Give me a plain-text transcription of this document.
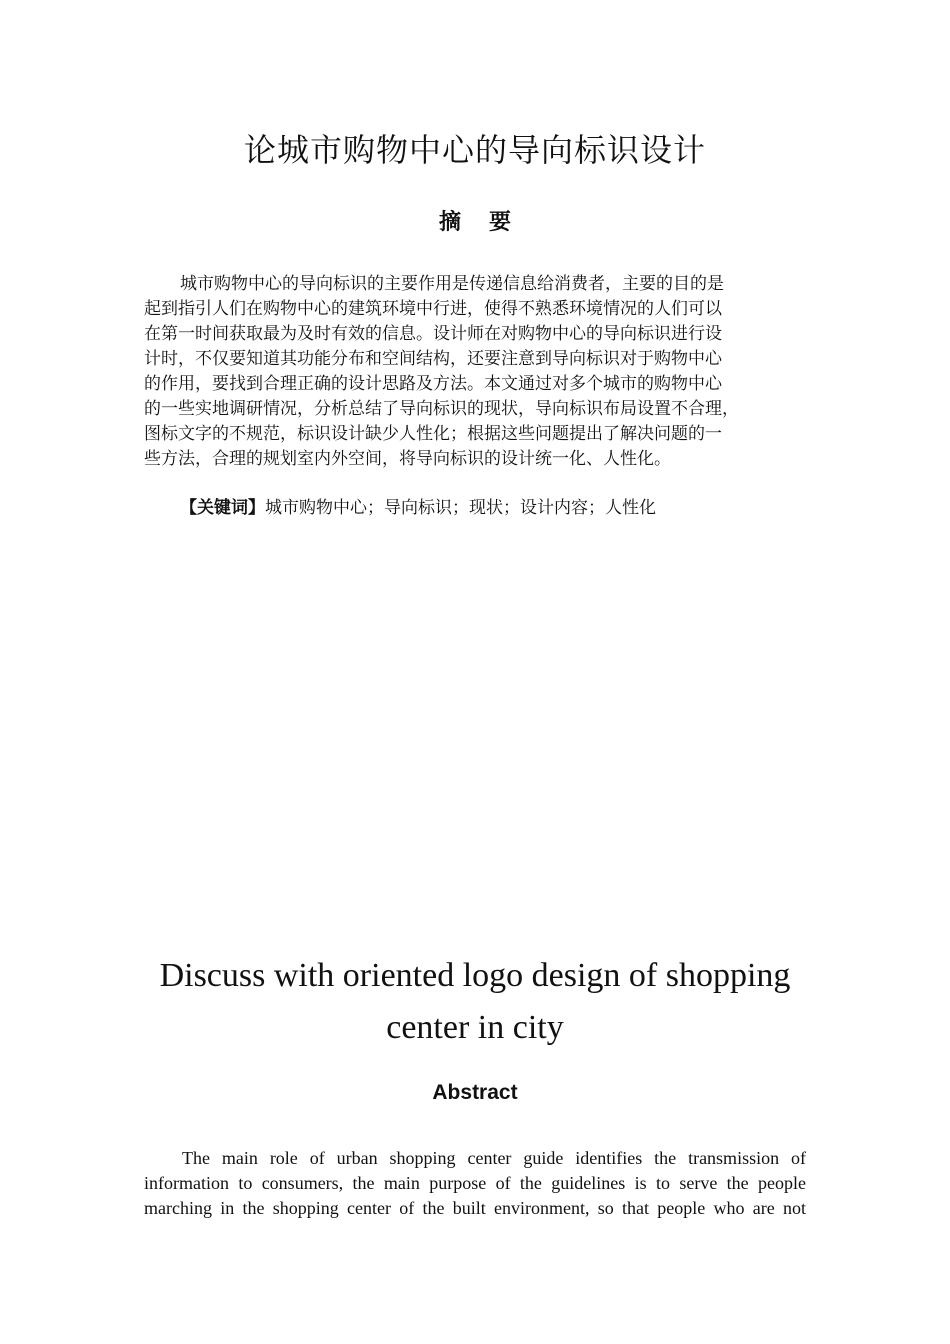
论城市购物中心的导向标识设计
摘要
城市购物中心的导向标识的主要作用是传递信息给消费者，主要的目的是
起到指引人们在购物中心的建筑环境中行进，使得不熟悉环境情况的人们可以
在第一时间获取最为及时有效的信息。设计师在对购物中心的导向标识进行设
计时，不仅要知道其功能分布和空间结构，还要注意到导向标识对于购物中心
的作用，要找到合理正确的设计思路及方法。本文通过对多个城市的购物中心
的一些实地调研情况，分析总结了导向标识的现状，导向标识布局设置不合理，
图标文字的不规范，标识设计缺少人性化；根据这些问题提出了解决问题的一
些方法，合理的规划室内外空间，将导向标识的设计统一化、人性化。
【关键词】城市购物中心；导向标识；现状；设计内容；人性化
Discuss with oriented logo design of shopping
center in city
Abstract
The main role of urban shopping center guide identifies the transmission of
information to consumers, the main purpose of the guidelines is to serve the people
marching in the shopping center of the built environment, so that people who are not
